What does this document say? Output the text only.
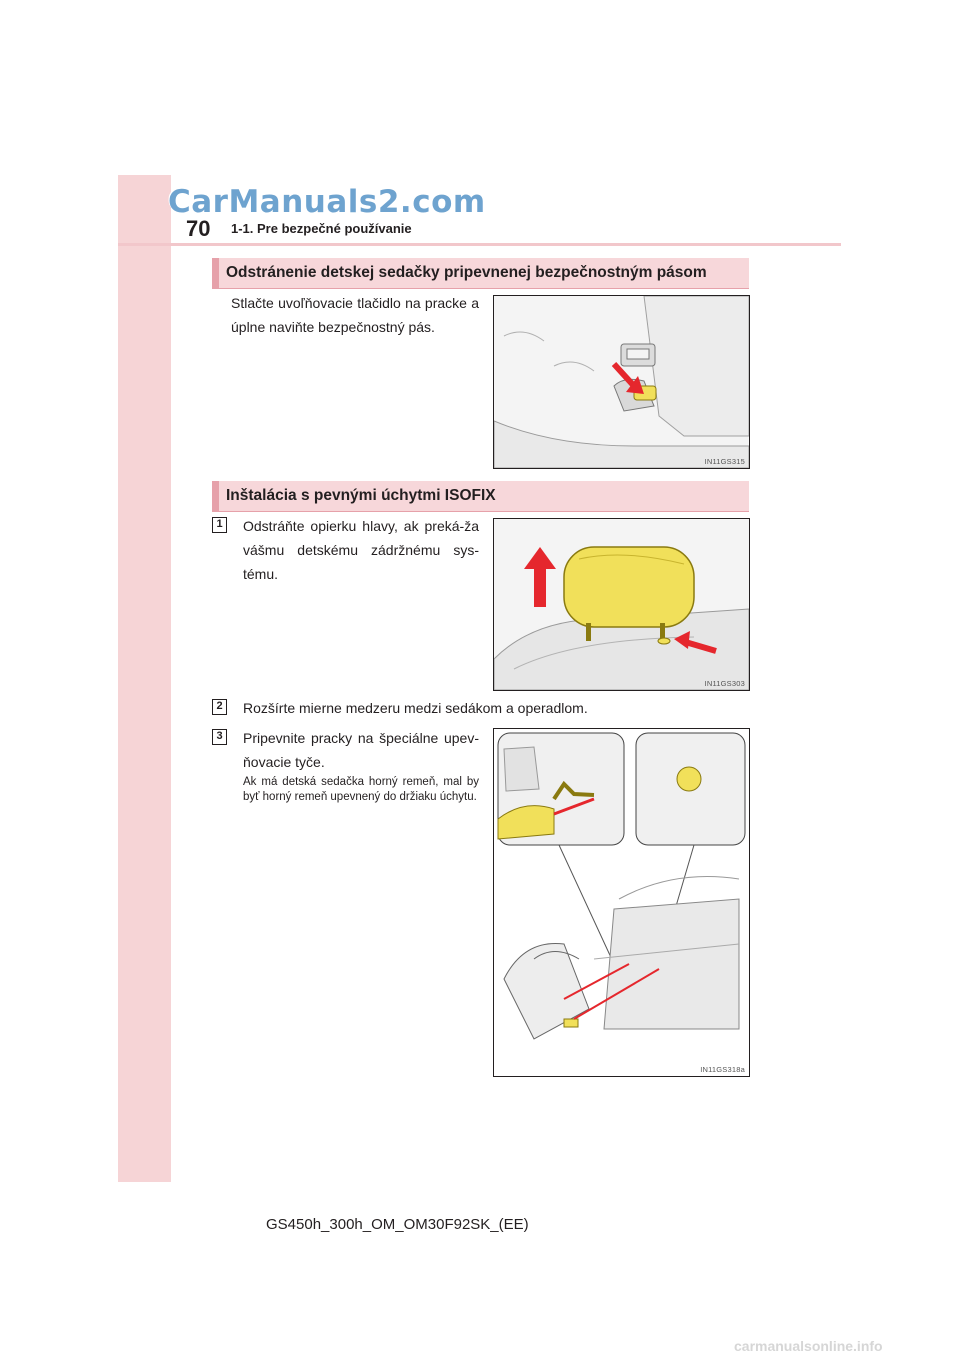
CarManuals2.com
70 1-1. Pre bezpečné používanie
Odstránenie detskej sedačky pripevnenej bezpečnostným pásom
Stlačte uvoľňovacie tlačidlo na pracke a úplne naviňte bezpečnostný pás.
IN11GS315
Inštalácia s pevnými úchytmi ISOFIX
1	Odstráňte opierku hlavy, ak preká-ža vášmu detskému zádržnému sys-tému.
IN11GS303
2	Rozšírte mierne medzeru medzi sedákom a operadlom.
3	Pripevnite pracky na špeciálne upev-ňovacie tyče.
Ak má detská sedačka horný remeň, mal by byť horný remeň upevnený do držiaku úchytu.
IN11GS318a
GS450h_300h_OM_OM30F92SK_(EE)
carmanualsonline.info
